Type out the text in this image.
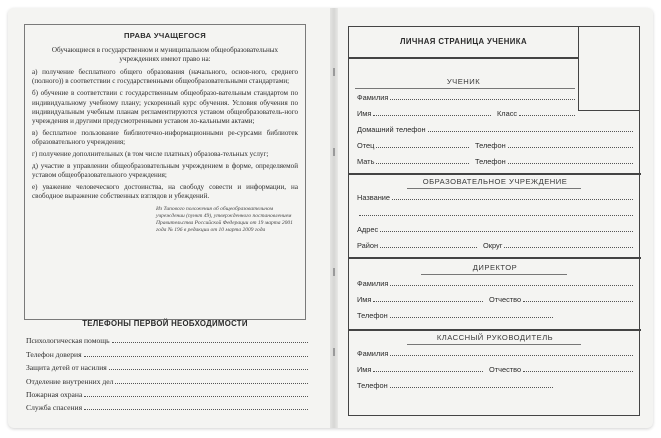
ПРАВА УЧАЩЕГОСЯ
Обучающиеся в государственном и муниципальном общеобразовательных учреждениях имеют право на:
а) получение бесплатного общего образования (начального, основ-ного, среднего (полного)) в соответствии с государственными общеобразовательными стандартами;
б) обучение в соответствии с государственным общеобразо-вательным стандартом по индивидуальному учебному плану; ускоренный курс обучения. Условия обучения по индивидуальным учебным планам регламентируются уставом общеобразователь-ного учреждения и другими предусмотренными уставом ло-кальными актами;
в) бесплатное пользование библиотечно-информационными ре-сурсами библиотек образовательного учреждения;
г) получение дополнительных (в том числе платных) образова-тельных услуг;
д) участие в управлении общеобразовательным учреждением в форме, определяемой уставом общеобразовательного учреждения;
е) уважение человеческого достоинства, на свободу совести и информации, на свободное выражение собственных взглядов и убеждений.
Из Типового положения об общеобразовательном учреждении (пункт 49), утвержденного постановлением Правительства Российской Федерации от 19 марта 2001 года № 196 в редакции от 10 марта 2009 года
ТЕЛЕФОНЫ ПЕРВОЙ НЕОБХОДИМОСТИ
Психологическая помощь
Телефон доверия
Защита детей от насилия
Отделение внутренних дел
Пожарная охрана
Служба спасения
ЛИЧНАЯ СТРАНИЦА УЧЕНИКА
УЧЕНИК
Фамилия
Имя	Класс
Домашний телефон
Отец	Телефон
Мать	Телефон
ОБРАЗОВАТЕЛЬНОЕ УЧРЕЖДЕНИЕ
Название
Адрес
Район	Округ
ДИРЕКТОР
Фамилия
Имя	Отчество
Телефон
КЛАССНЫЙ РУКОВОДИТЕЛЬ
Фамилия
Имя	Отчество
Телефон
